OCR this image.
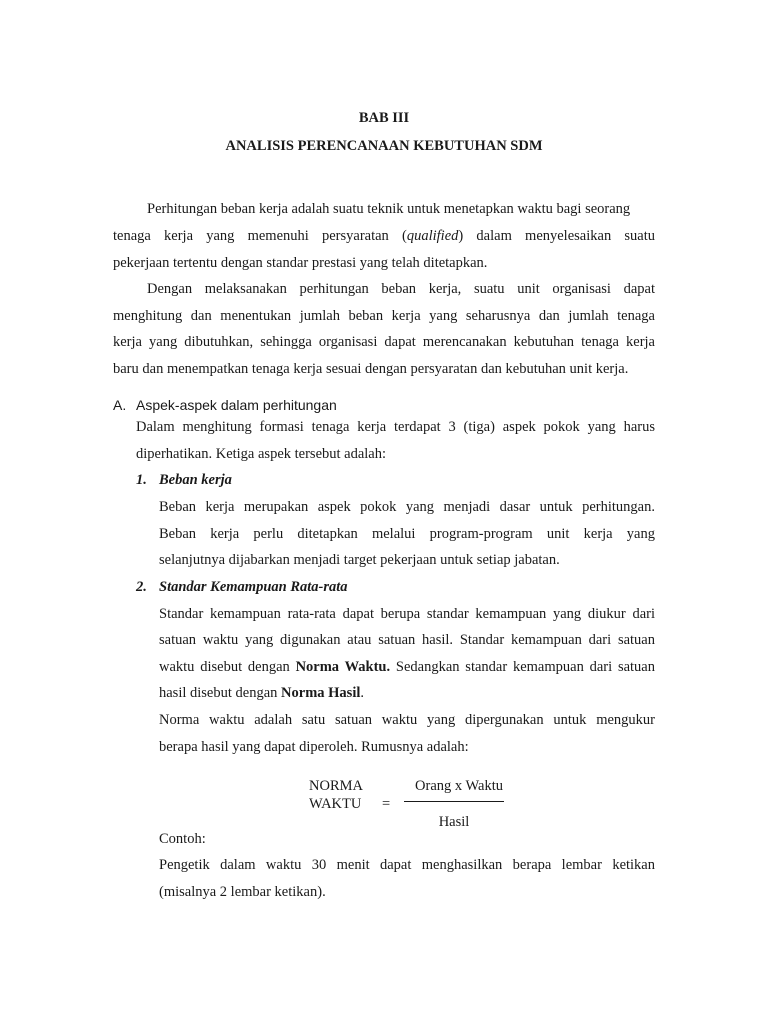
BAB III
ANALISIS PERENCANAAN KEBUTUHAN SDM
Perhitungan beban kerja adalah suatu teknik untuk menetapkan waktu bagi seorang
tenaga kerja yang memenuhi persyaratan (qualified) dalam menyelesaikan suatu
pekerjaan tertentu dengan standar prestasi yang telah ditetapkan.
Dengan melaksanakan perhitungan beban kerja, suatu unit organisasi dapat
menghitung dan menentukan jumlah beban kerja yang seharusnya dan jumlah tenaga
kerja yang dibutuhkan, sehingga organisasi dapat merencanakan kebutuhan tenaga kerja
baru dan menempatkan tenaga kerja sesuai dengan persyaratan dan kebutuhan unit kerja.
A. Aspek-aspek dalam perhitungan
Dalam menghitung formasi tenaga kerja terdapat 3 (tiga) aspek pokok yang harus
diperhatikan. Ketiga aspek tersebut adalah:
1. Beban kerja
Beban kerja merupakan aspek pokok yang menjadi dasar untuk perhitungan.
Beban kerja perlu ditetapkan melalui program-program unit kerja yang
selanjutnya dijabarkan menjadi target pekerjaan untuk setiap jabatan.
2. Standar Kemampuan Rata-rata
Standar kemampuan rata-rata dapat berupa standar kemampuan yang diukur dari
satuan waktu yang digunakan atau satuan hasil. Standar kemampuan dari satuan
waktu disebut dengan Norma Waktu. Sedangkan standar kemampuan dari satuan
hasil disebut dengan Norma Hasil.
Norma waktu adalah satu satuan waktu yang dipergunakan untuk mengukur
berapa hasil yang dapat diperoleh. Rumusnya adalah:
NORMA
WAKTU =
Orang x Waktu
Hasil
Contoh:
Pengetik dalam waktu 30 menit dapat menghasilkan berapa lembar ketikan
(misalnya 2 lembar ketikan).
